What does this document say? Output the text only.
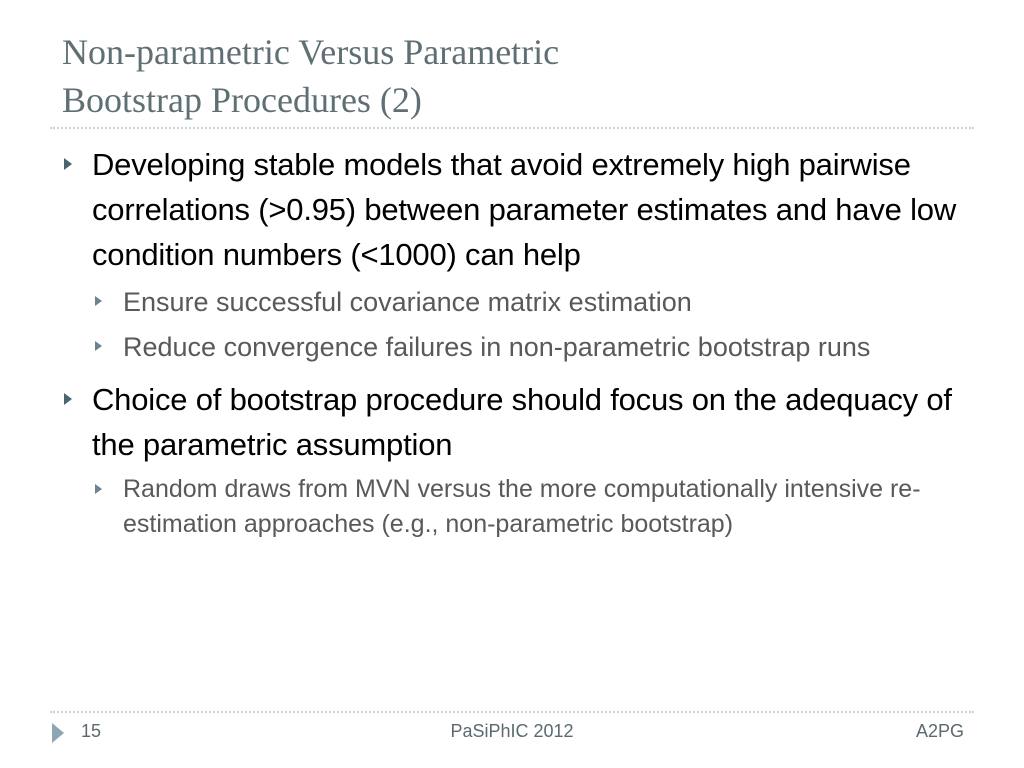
Non-parametric Versus Parametric
Bootstrap Procedures (2)
Developing stable models that avoid extremely high pairwise correlations (>0.95) between parameter estimates and have low condition numbers (<1000) can help
Ensure successful covariance matrix estimation
Reduce convergence failures in non-parametric bootstrap runs
Choice of bootstrap procedure should focus on the adequacy of the parametric assumption
Random draws from MVN versus the more computationally intensive re-estimation approaches (e.g., non-parametric bootstrap)
15	PaSiPhIC 2012	A2PG
